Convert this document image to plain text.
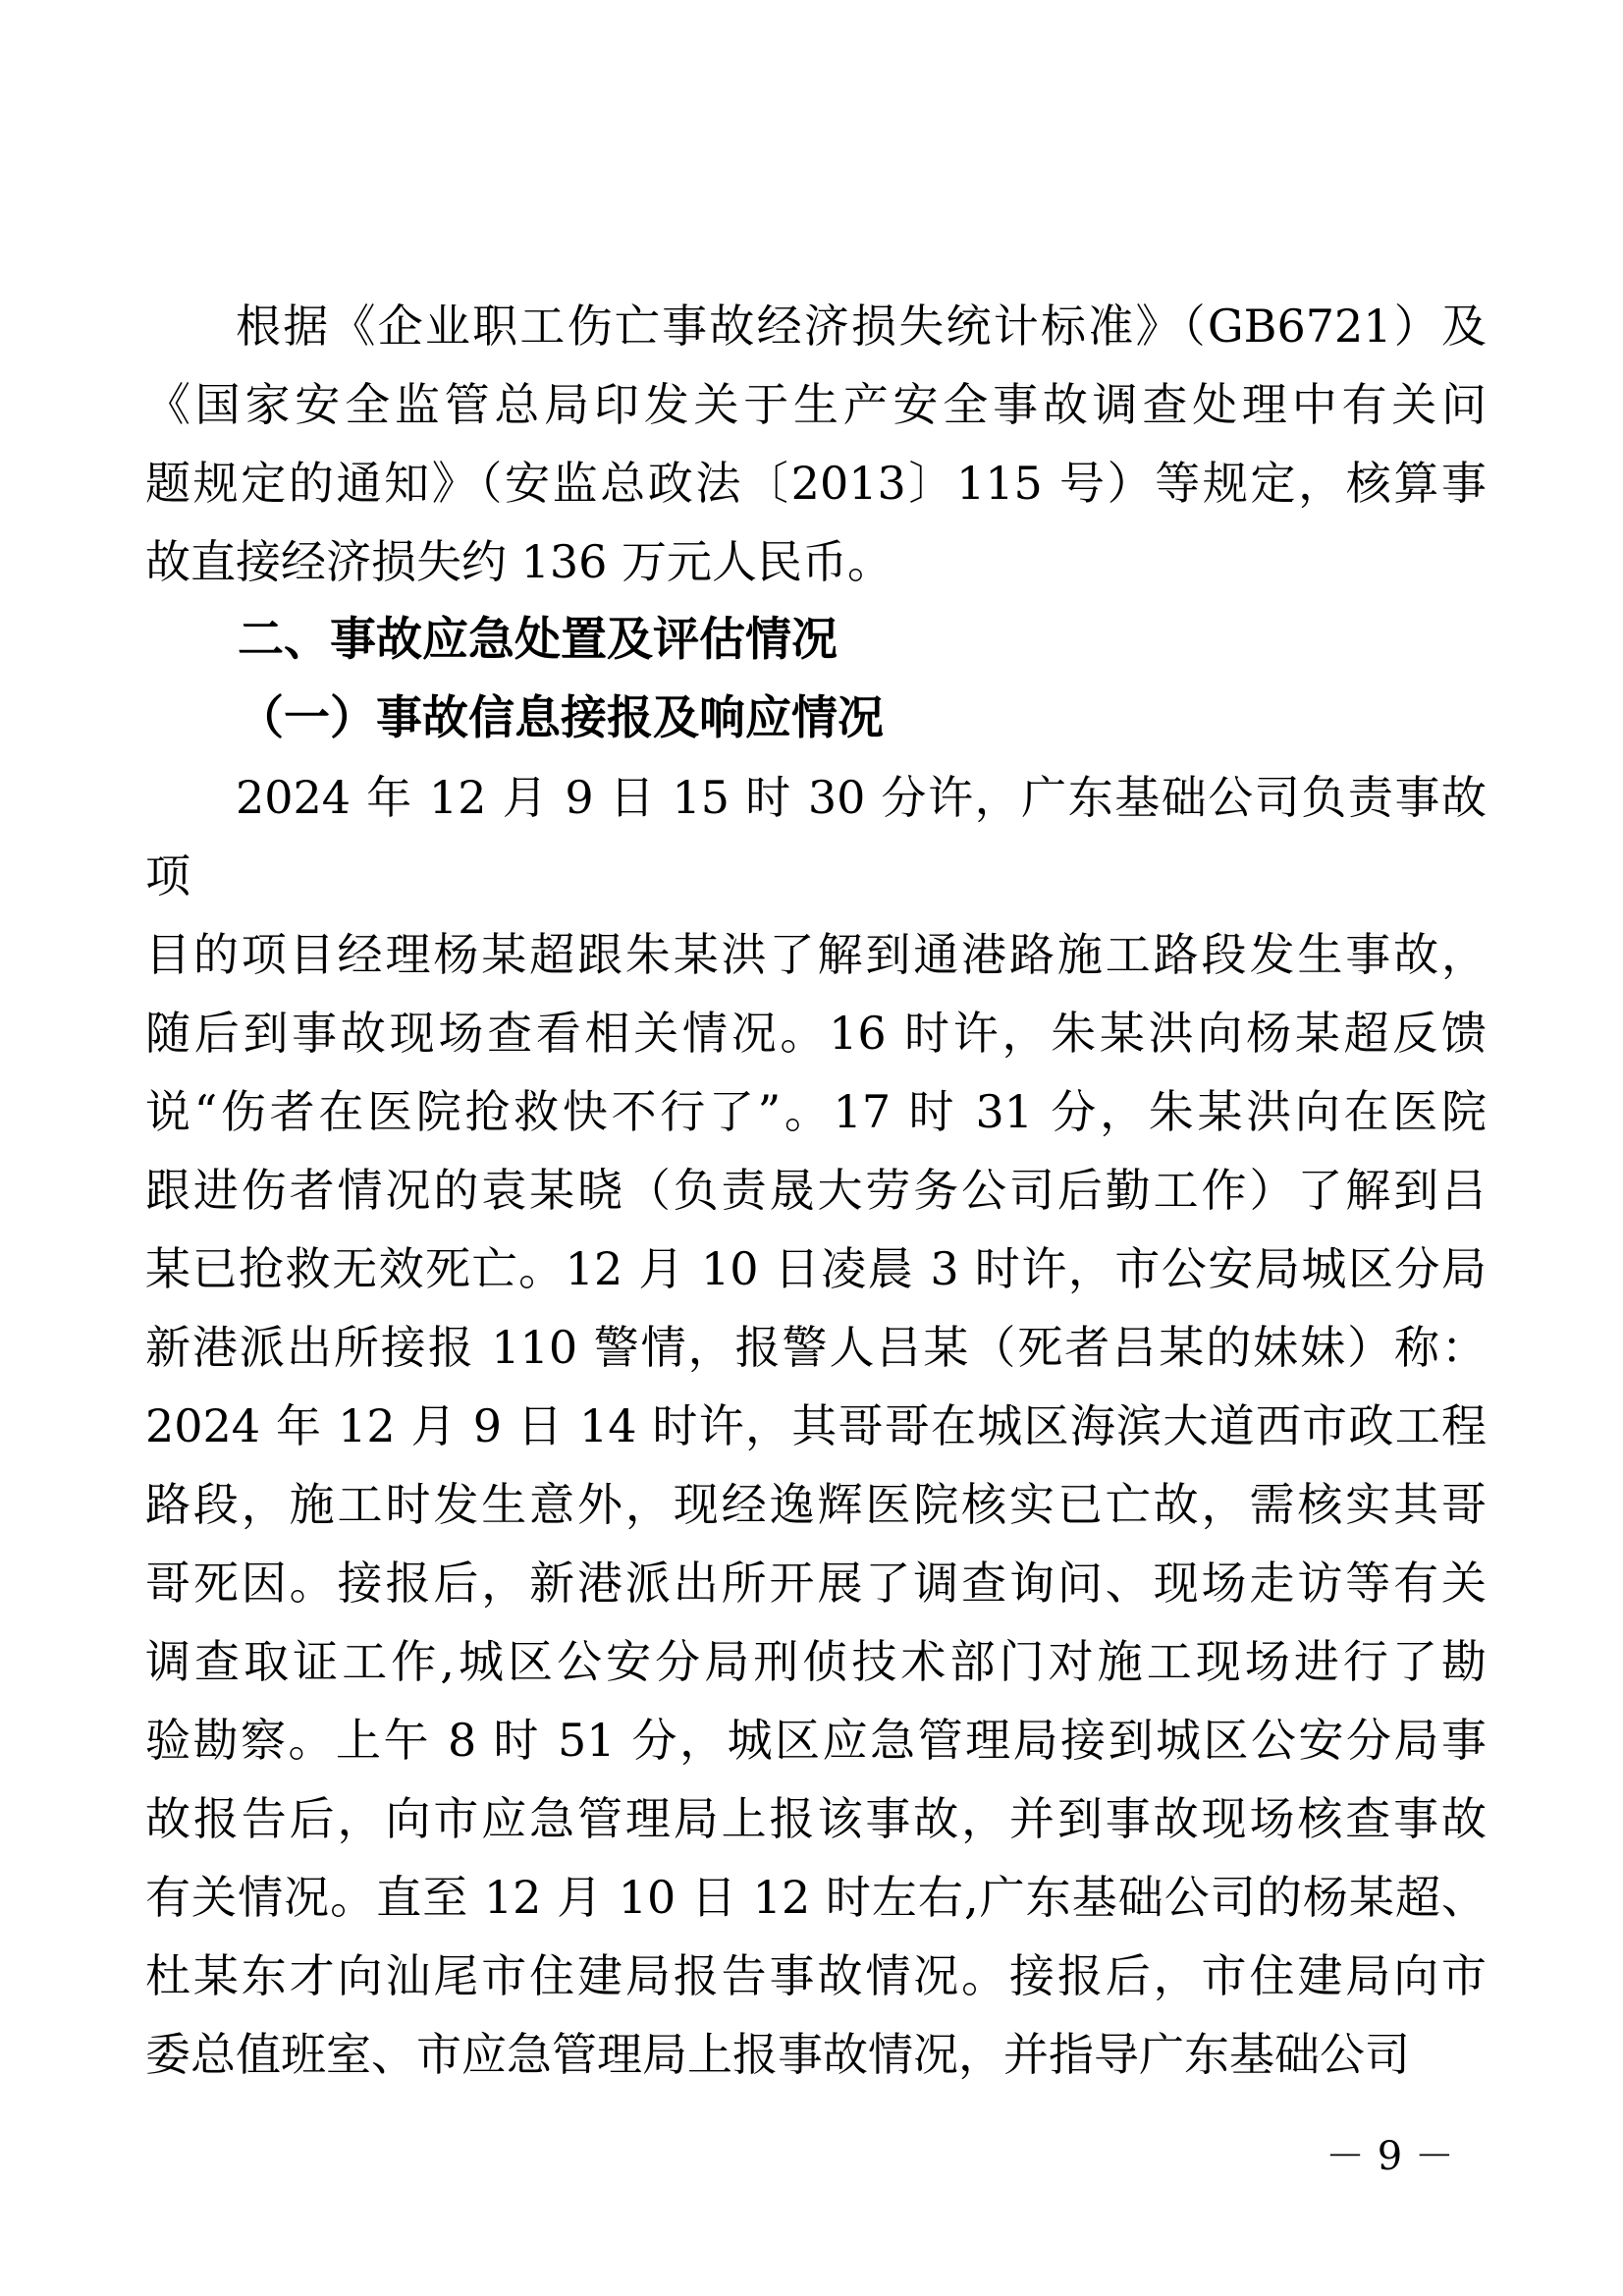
根据《企业职工伤亡事故经济损失统计标准》（GB6721）及
《国家安全监管总局印发关于生产安全事故调查处理中有关问
题规定的通知》（安监总政法〔2013〕115 号）等规定，核算事
故直接经济损失约 136 万元人民币。

二、事故应急处置及评估情况
（一）事故信息接报及响应情况

2024 年 12 月 9 日 15 时 30 分许，广东基础公司负责事故项
目的项目经理杨某超跟朱某洪了解到通港路施工路段发生事故，
随后到事故现场查看相关情况。16 时许，朱某洪向杨某超反馈
说“伤者在医院抢救快不行了”。17 时 31 分，朱某洪向在医院
跟进伤者情况的袁某晓（负责晟大劳务公司后勤工作）了解到吕
某已抢救无效死亡。12 月 10 日凌晨 3 时许，市公安局城区分局
新港派出所接报 110 警情，报警人吕某（死者吕某的妹妹）称：
2024 年 12 月 9 日 14 时许，其哥哥在城区海滨大道西市政工程
路段，施工时发生意外，现经逸辉医院核实已亡故，需核实其哥
哥死因。接报后，新港派出所开展了调查询问、现场走访等有关
调查取证工作,城区公安分局刑侦技术部门对施工现场进行了勘
验勘察。上午 8 时 51 分，城区应急管理局接到城区公安分局事
故报告后，向市应急管理局上报该事故，并到事故现场核查事故
有关情况。直至 12 月 10 日 12 时左右,广东基础公司的杨某超、
杜某东才向汕尾市住建局报告事故情况。接报后，市住建局向市
委总值班室、市应急管理局上报事故情况，并指导广东基础公司

－ 9 －
